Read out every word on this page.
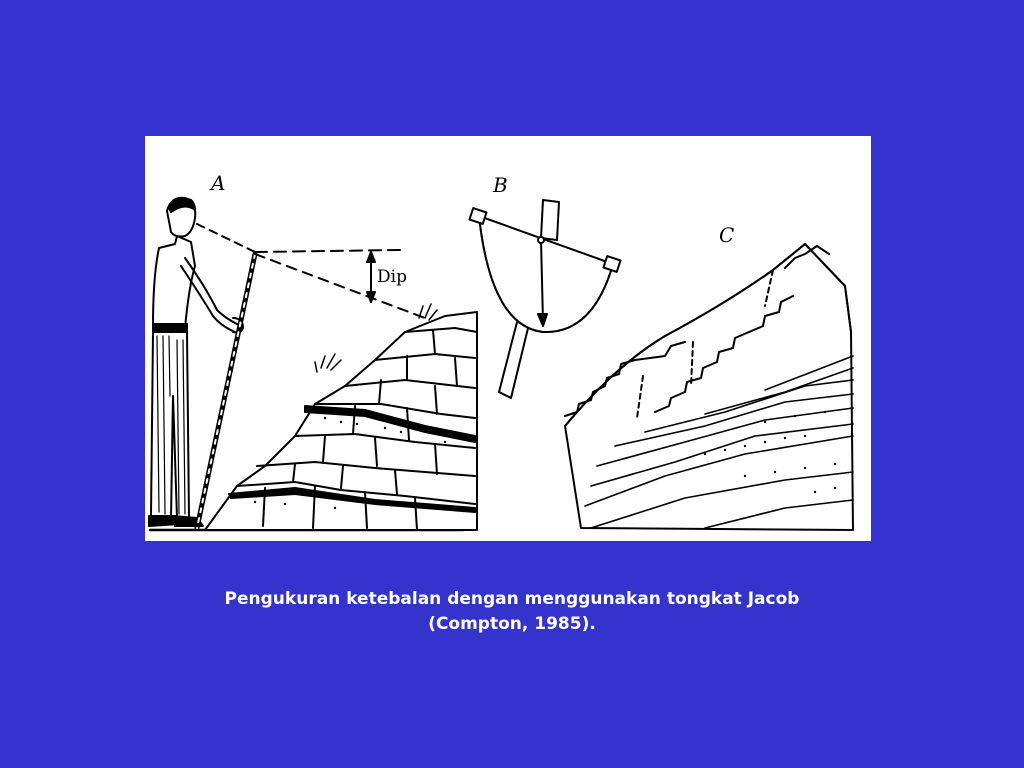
A
Dip
B
C
Pengukuran ketebalan dengan menggunakan tongkat Jacob
(Compton, 1985).
